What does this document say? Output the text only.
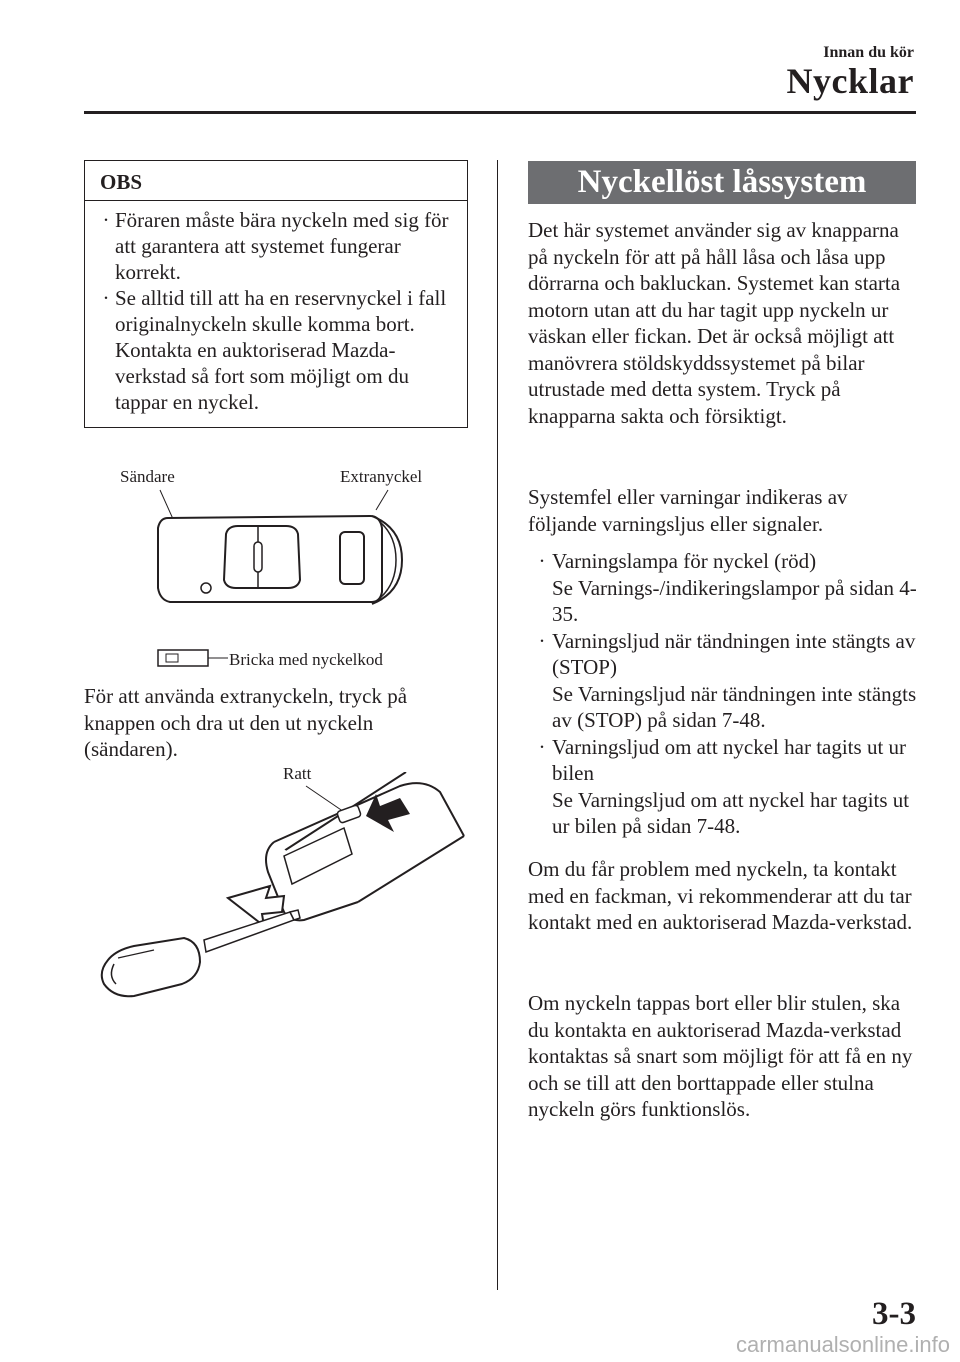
Innan du kör
Nycklar
OBS
· Föraren måste bära nyckeln med sig för att garantera att systemet fungerar korrekt.
· Se alltid till att ha en reservnyckel i fall originalnyckeln skulle komma bort. Kontakta en auktoriserad Mazda-verkstad så fort som möjligt om du tappar en nyckel.
Sändare	Extranyckel
Bricka med nyckelkod
För att använda extranyckeln, tryck på knappen och dra ut den ut nyckeln (sändaren).
Ratt
Nyckellöst låssystem
Det här systemet använder sig av knapparna på nyckeln för att på håll låsa och låsa upp dörrarna och bakluckan. Systemet kan starta motorn utan att du har tagit upp nyckeln ur väskan eller fickan. Det är också möjligt att manövrera stöldskyddssystemet på bilar utrustade med detta system. Tryck på knapparna sakta och försiktigt.
Systemfel eller varningar indikeras av följande varningsljus eller signaler.
· Varningslampa för nyckel (röd)
Se Varnings-/indikeringslampor på sidan 4-35.
· Varningsljud när tändningen inte stängts av (STOP)
Se Varningsljud när tändningen inte stängts av (STOP) på sidan 7-48.
· Varningsljud om att nyckel har tagits ut ur bilen
Se Varningsljud om att nyckel har tagits ut ur bilen på sidan 7-48.
Om du får problem med nyckeln, ta kontakt med en fackman, vi rekommenderar att du tar kontakt med en auktoriserad Mazda-verkstad.
Om nyckeln tappas bort eller blir stulen, ska du kontakta en auktoriserad Mazda-verkstad kontaktas så snart som möjligt för att få en ny och se till att den borttappade eller stulna nyckeln görs funktionslös.
3-3
carmanualsonline.info
